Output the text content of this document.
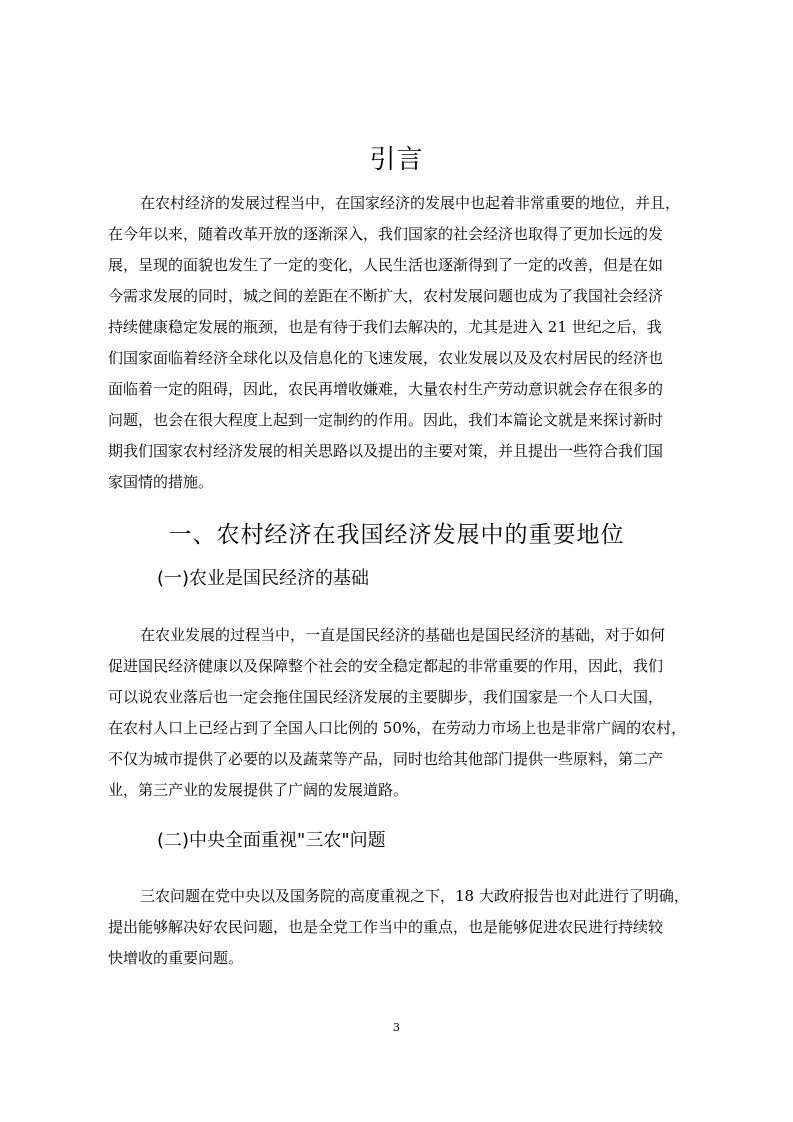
引言
在农村经济的发展过程当中，在国家经济的发展中也起着非常重要的地位，并且，
在今年以来，随着改革开放的逐渐深入，我们国家的社会经济也取得了更加长远的发
展，呈现的面貌也发生了一定的变化，人民生活也逐渐得到了一定的改善，但是在如
今需求发展的同时，城之间的差距在不断扩大，农村发展问题也成为了我国社会经济
持续健康稳定发展的瓶颈，也是有待于我们去解决的，尤其是进入 21 世纪之后，我
们国家面临着经济全球化以及信息化的飞速发展，农业发展以及及农村居民的经济也
面临着一定的阻碍，因此，农民再增收嫌难，大量农村生产劳动意识就会存在很多的
问题，也会在很大程度上起到一定制约的作用。因此，我们本篇论文就是来探讨新时
期我们国家农村经济发展的相关思路以及提出的主要对策，并且提出一些符合我们国
家国情的措施。
一、农村经济在我国经济发展中的重要地位
(一)农业是国民经济的基础
在农业发展的过程当中，一直是国民经济的基础也是国民经济的基础，对于如何
促进国民经济健康以及保障整个社会的安全稳定都起的非常重要的作用，因此，我们
可以说农业落后也一定会拖住国民经济发展的主要脚步，我们国家是一个人口大国，
在农村人口上已经占到了全国人口比例的 50%，在劳动力市场上也是非常广阔的农村，
不仅为城市提供了必要的以及蔬菜等产品，同时也给其他部门提供一些原料，第二产
业，第三产业的发展提供了广阔的发展道路。
(二)中央全面重视"三农"问题
三农问题在党中央以及国务院的高度重视之下，18 大政府报告也对此进行了明确，
提出能够解决好农民问题，也是全党工作当中的重点，也是能够促进农民进行持续较
快增收的重要问题。
3
